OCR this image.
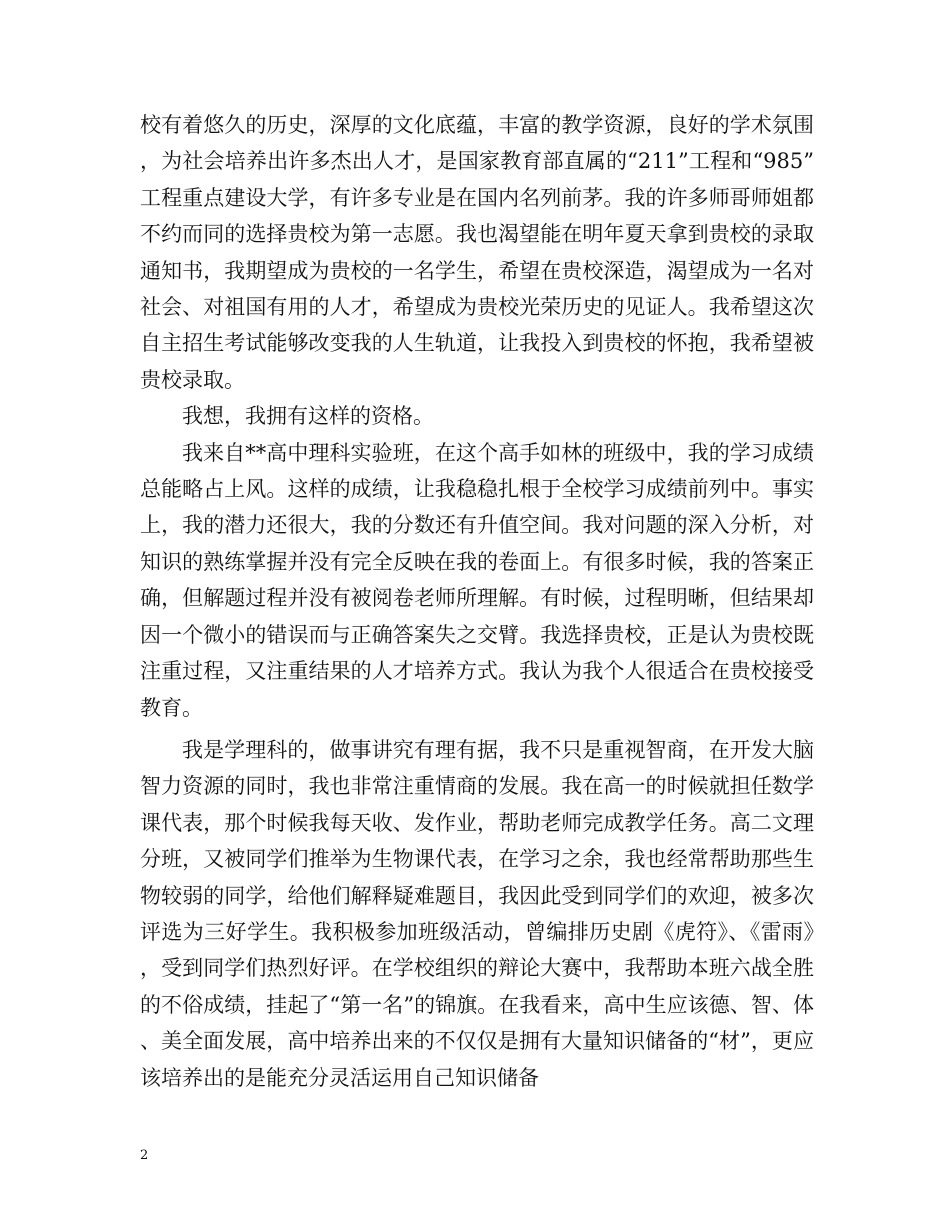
校有着悠久的历史，深厚的文化底蕴，丰富的教学资源，良好的学术氛围，为社会培养出许多杰出人才，是国家教育部直属的“211”工程和“985”工程重点建设大学，有许多专业是在国内名列前茅。我的许多师哥师姐都不约而同的选择贵校为第一志愿。我也渴望能在明年夏天拿到贵校的录取通知书，我期望成为贵校的一名学生，希望在贵校深造，渴望成为一名对社会、对祖国有用的人才，希望成为贵校光荣历史的见证人。我希望这次自主招生考试能够改变我的人生轨道，让我投入到贵校的怀抱，我希望被贵校录取。

我想，我拥有这样的资格。

我来自**高中理科实验班，在这个高手如林的班级中，我的学习成绩总能略占上风。这样的成绩，让我稳稳扎根于全校学习成绩前列中。事实上，我的潜力还很大，我的分数还有升值空间。我对问题的深入分析，对知识的熟练掌握并没有完全反映在我的卷面上。有很多时候，我的答案正确，但解题过程并没有被阅卷老师所理解。有时候，过程明晰，但结果却因一个微小的错误而与正确答案失之交臂。我选择贵校，正是认为贵校既注重过程，又注重结果的人才培养方式。我认为我个人很适合在贵校接受教育。

我是学理科的，做事讲究有理有据，我不只是重视智商，在开发大脑智力资源的同时，我也非常注重情商的发展。我在高一的时候就担任数学课代表，那个时候我每天收、发作业，帮助老师完成教学任务。高二文理分班，又被同学们推举为生物课代表，在学习之余，我也经常帮助那些生物较弱的同学，给他们解释疑难题目，我因此受到同学们的欢迎，被多次评选为三好学生。我积极参加班级活动，曾编排历史剧《虎符》、《雷雨》，受到同学们热烈好评。在学校组织的辩论大赛中，我帮助本班六战全胜的不俗成绩，挂起了“第一名”的锦旗。在我看来，高中生应该德、智、体、美全面发展，高中培养出来的不仅仅是拥有大量知识储备的“材”，更应该培养出的是能充分灵活运用自己知识储备

2
